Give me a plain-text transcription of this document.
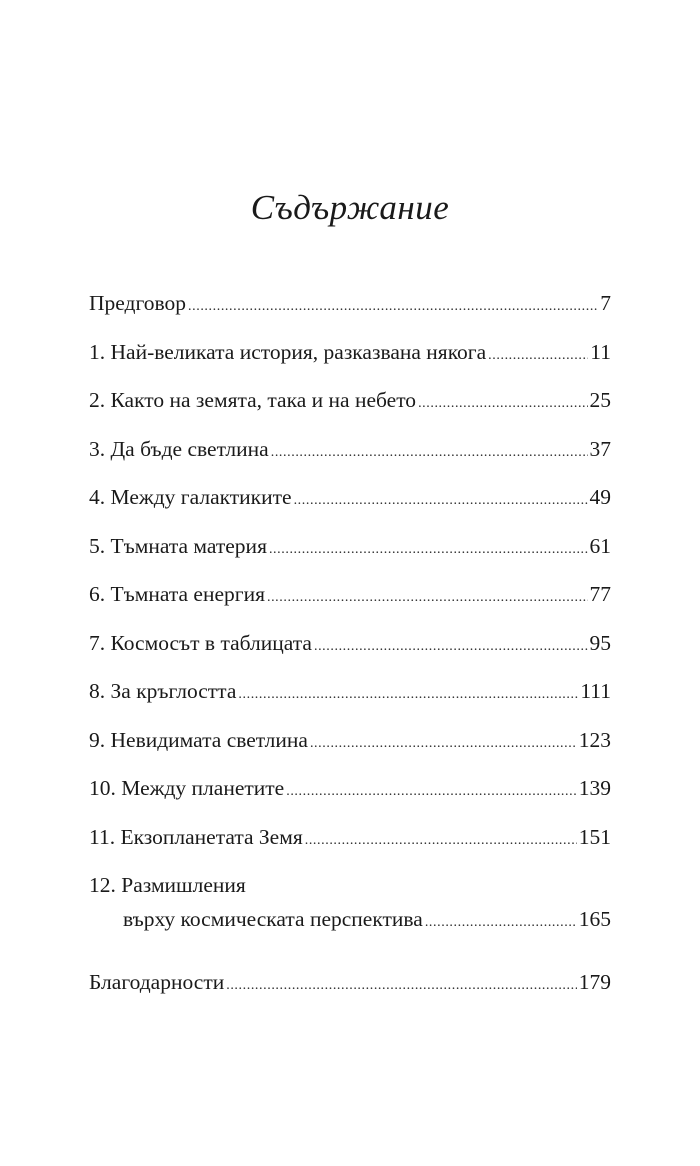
Съдържание
Предговор .....	7
1. Най-великата история, разказвана някога .....	11
2. Както на земята, така и на небето .....	25
3. Да бъде светлина .....	37
4. Между галактиките .....	49
5. Тъмната материя .....	61
6. Тъмната енергия .....	77
7. Космосът в таблицата .....	95
8. За кръглостта .....	111
9. Невидимата светлина .....	123
10. Между планетите .....	139
11. Екзопланетата Земя .....	151
12. Размишления
върху космическата перспектива .....	165
Благодарности .....	179
